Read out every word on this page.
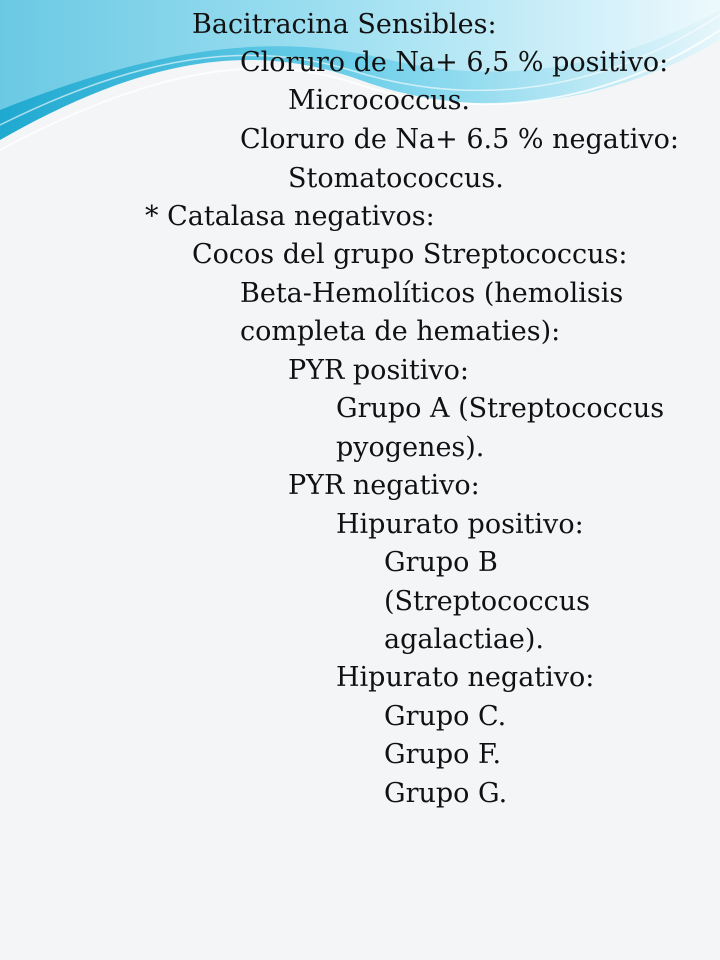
Bacitracina Sensibles:
Cloruro de Na+ 6,5 % positivo:
Micrococcus.
Cloruro de Na+ 6.5 % negativo:
Stomatococcus.
* Catalasa negativos:
Cocos del grupo Streptococcus:
Beta-Hemolíticos (hemolisis
completa de hematies):
PYR positivo:
Grupo A (Streptococcus
pyogenes).
PYR negativo:
Hipurato positivo:
Grupo B
(Streptococcus
agalactiae).
Hipurato negativo:
Grupo C.
Grupo F.
Grupo G.
